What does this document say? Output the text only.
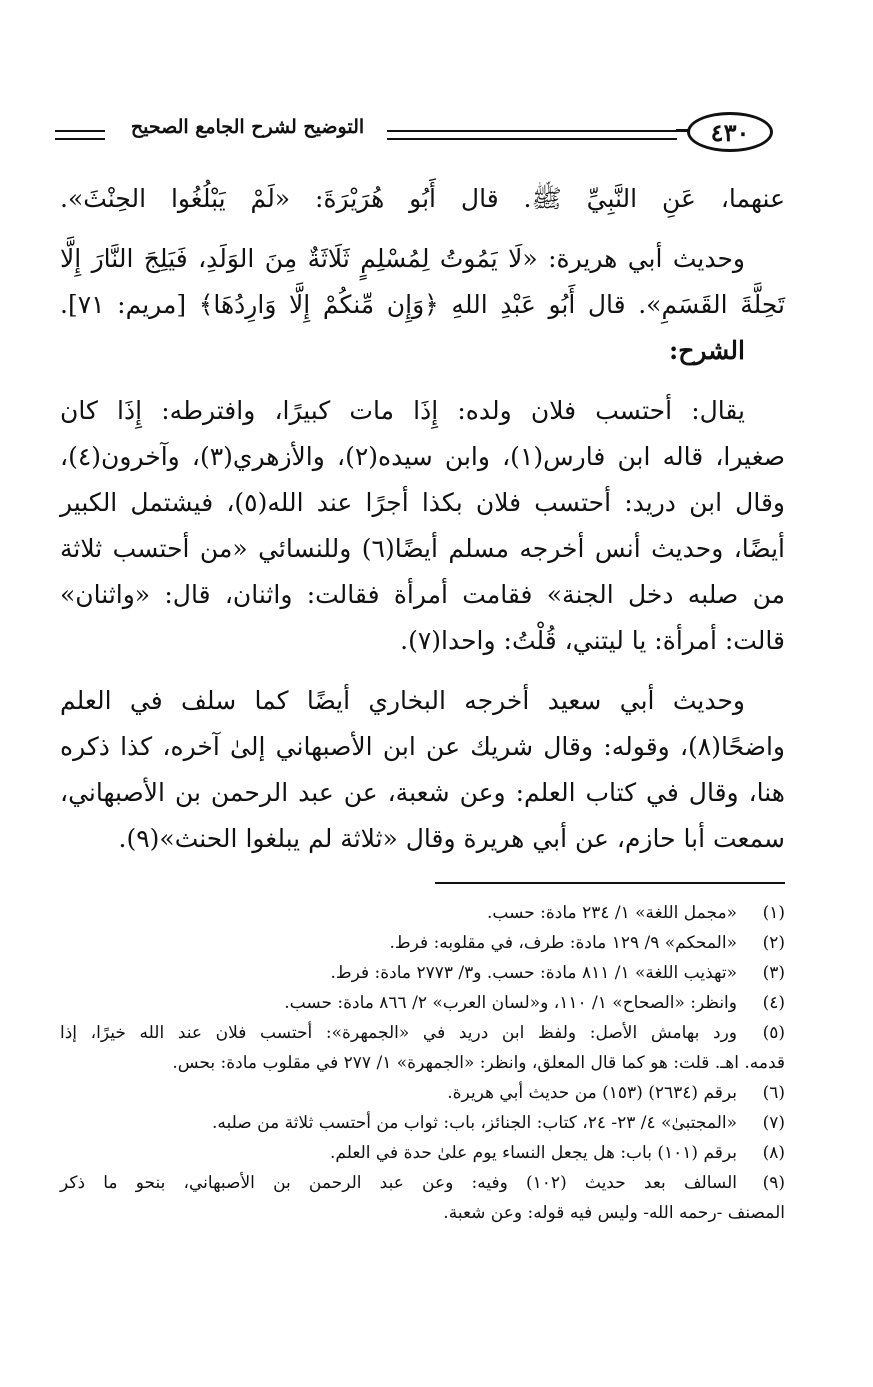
التوضيح لشرح الجامع الصحيح	٤٣٠
عنهما، عَنِ النَّبِيِّ ﷺ. قال أَبُو هُرَيْرَةَ: «لَمْ يَبْلُغُوا الحِنْثَ».
وحديث أبي هريرة: «لَا يَمُوتُ لِمُسْلِمٍ ثَلَاثَةٌ مِنَ الوَلَدِ، فَيَلِجَ النَّارَ إِلَّا
تَحِلَّةَ القَسَمِ». قال أَبُو عَبْدِ اللهِ ﴿وَإِن مِّنكُمْ إِلَّا وَارِدُهَا﴾ [مريم: ٧١].
الشرح:
يقال: أحتسب فلان ولده: إِذَا مات كبيرًا، وافترطه: إِذَا كان
صغيرا، قاله ابن فارس(١)، وابن سيده(٢)، والأزهري(٣)، وآخرون(٤)،
وقال ابن دريد: أحتسب فلان بكذا أجرًا عند الله(٥)، فيشتمل الكبير
أيضًا، وحديث أنس أخرجه مسلم أيضًا(٦) وللنسائي «من أحتسب ثلاثة
من صلبه دخل الجنة» فقامت أمرأة فقالت: واثنان، قال: «واثنان»
قالت: أمرأة: يا ليتني، قُلْتُ: واحدا(٧).
وحديث أبي سعيد أخرجه البخاري أيضًا كما سلف في العلم
واضحًا(٨)، وقوله: وقال شريك عن ابن الأصبهاني إلىٰ آخره، كذا ذكره
هنا، وقال في كتاب العلم: وعن شعبة، عن عبد الرحمن بن الأصبهاني،
سمعت أبا حازم، عن أبي هريرة وقال «ثلاثة لم يبلغوا الحنث»(٩).
(١)
«مجمل اللغة» ١/ ٢٣٤ مادة: حسب.
(٢)
«المحكم» ٩/ ١٢٩ مادة: طرف، في مقلوبه: فرط.
(٣)
«تهذيب اللغة» ١/ ٨١١ مادة: حسب. و٣/ ٢٧٧٣ مادة: فرط.
(٤)
وانظر: «الصحاح» ١/ ١١٠، و«لسان العرب» ٢/ ٨٦٦ مادة: حسب.
(٥)
ورد بهامش الأصل: ولفظ ابن دريد في «الجمهرة»: أحتسب فلان عند الله خيرًا، إذا
قدمه. اهـ. قلت: هو كما قال المعلق، وانظر: «الجمهرة» ١/ ٢٧٧ في مقلوب مادة: بحس.
(٦)
برقم (٢٦٣٤) (١٥٣) من حديث أبي هريرة.
(٧)
«المجتبىٰ» ٤/ ٢٣- ٢٤، كتاب: الجنائز، باب: ثواب من أحتسب ثلاثة من صلبه.
(٨)
برقم (١٠١) باب: هل يجعل النساء يوم علىٰ حدة في العلم.
(٩)
السالف بعد حديث (١٠٢) وفيه: وعن عبد الرحمن بن الأصبهاني، بنحو ما ذكر
المصنف -رحمه الله- وليس فيه قوله: وعن شعبة.
